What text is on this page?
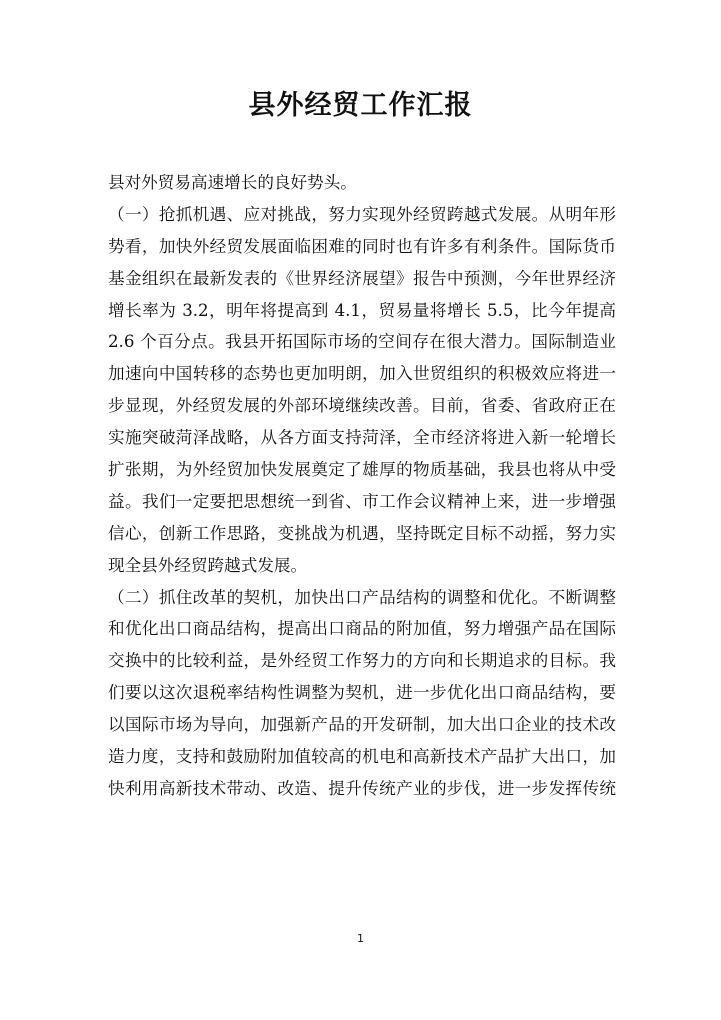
县外经贸工作汇报
县对外贸易高速增长的良好势头。
（一）抢抓机遇、应对挑战，努力实现外经贸跨越式发展。从明年形
势看，加快外经贸发展面临困难的同时也有许多有利条件。国际货币
基金组织在最新发表的《世界经济展望》报告中预测，今年世界经济
增长率为 3.2，明年将提高到 4.1，贸易量将增长 5.5，比今年提高
2.6 个百分点。我县开拓国际市场的空间存在很大潜力。国际制造业
加速向中国转移的态势也更加明朗，加入世贸组织的积极效应将进一
步显现，外经贸发展的外部环境继续改善。目前，省委、省政府正在
实施突破菏泽战略，从各方面支持菏泽，全市经济将进入新一轮增长
扩张期，为外经贸加快发展奠定了雄厚的物质基础，我县也将从中受
益。我们一定要把思想统一到省、市工作会议精神上来，进一步增强
信心，创新工作思路，变挑战为机遇，坚持既定目标不动摇，努力实
现全县外经贸跨越式发展。
（二）抓住改革的契机，加快出口产品结构的调整和优化。不断调整
和优化出口商品结构，提高出口商品的附加值，努力增强产品在国际
交换中的比较利益，是外经贸工作努力的方向和长期追求的目标。我
们要以这次退税率结构性调整为契机，进一步优化出口商品结构，要
以国际市场为导向，加强新产品的开发研制，加大出口企业的技术改
造力度，支持和鼓励附加值较高的机电和高新技术产品扩大出口，加
快利用高新技术带动、改造、提升传统产业的步伐，进一步发挥传统
1
